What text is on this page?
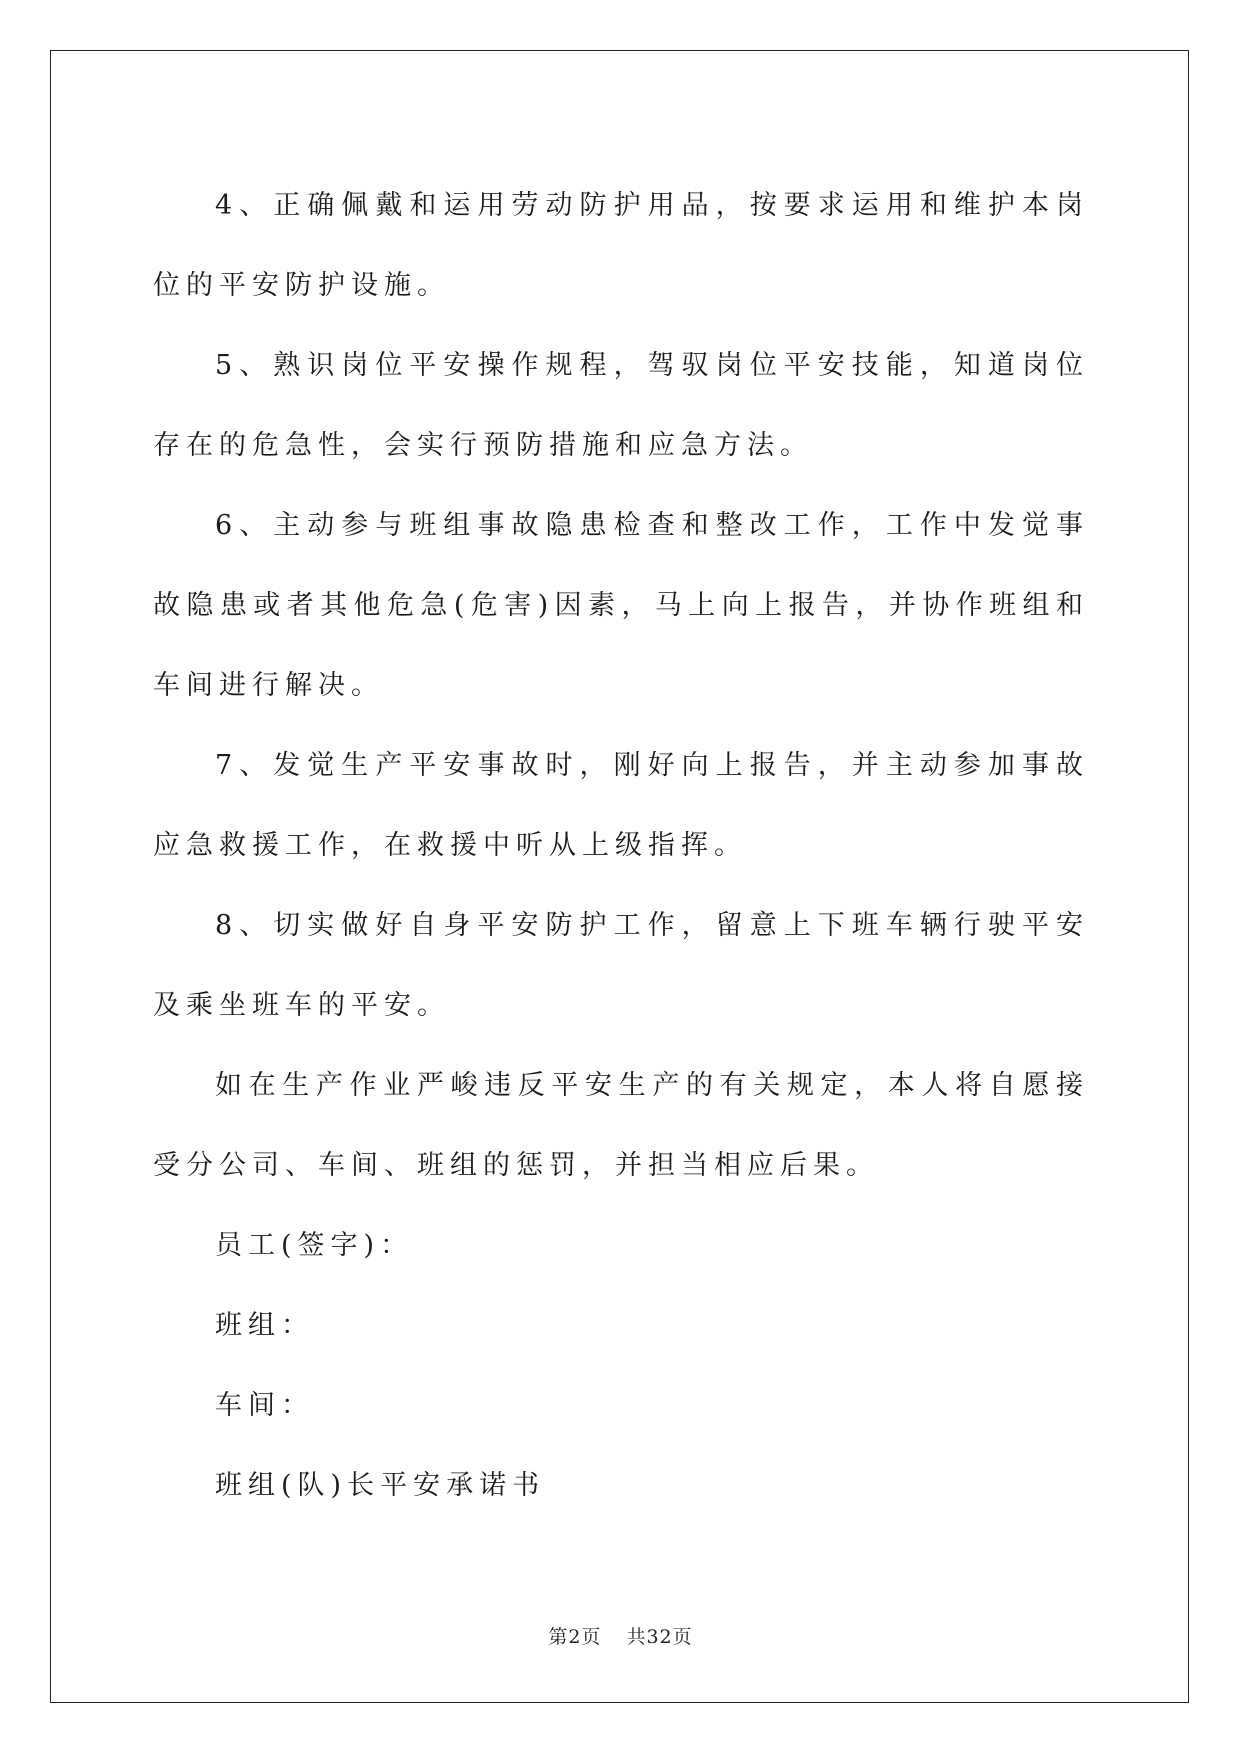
4、正确佩戴和运用劳动防护用品，按要求运用和维护本岗位的平安防护设施。

5、熟识岗位平安操作规程，驾驭岗位平安技能，知道岗位存在的危急性，会实行预防措施和应急方法。

6、主动参与班组事故隐患检查和整改工作，工作中发觉事故隐患或者其他危急(危害)因素，马上向上报告，并协作班组和车间进行解决。

7、发觉生产平安事故时，刚好向上报告，并主动参加事故应急救援工作，在救援中听从上级指挥。

8、切实做好自身平安防护工作，留意上下班车辆行驶平安及乘坐班车的平安。

如在生产作业严峻违反平安生产的有关规定，本人将自愿接受分公司、车间、班组的惩罚，并担当相应后果。

员工(签字)：

班组：

车间：

班组(队)长平安承诺书

第2页 共32页
